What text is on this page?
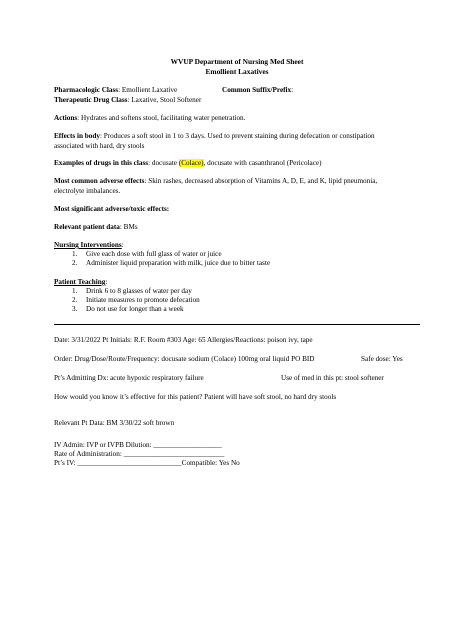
WVUP Department of Nursing Med Sheet
Emollient Laxatives
Pharmacologic Class: Emollient Laxative	Common Suffix/Prefix:
Therapeutic Drug Class: Laxative, Stool Softener
Actions: Hydrates and softens stool, facilitating water penetration.
Effects in body: Produces a soft stool in 1 to 3 days. Used to prevent staining during defecation or constipation
associated with hard, dry stools
Examples of drugs in this class: docusate (Colace), docusate with casanthranol (Pericolace)
Most common adverse effects: Skin rashes, decreased absorption of Vitamins A, D, E, and K, lipid pneumonia,
electrolyte imbalances.
Most significant adverse/toxic effects:
Relevant patient data: BMs
Nursing Interventions:
1. Give each dose with full glass of water or juice
2. Administer liquid preparation with milk, juice due to bitter taste
Patient Teaching:
1. Drink 6 to 8 glasses of water per day
2. Initiate measures to promote defecation
3. Do not use for longer than a week
Date: 3/31/2022 Pt Initials: R.F. Room #303 Age: 65 Allergies/Reactions: poison ivy, tape
Order: Drug/Dose/Route/Frequency: docusate sodium (Colace) 100mg oral liquid PO BID	Safe dose: Yes
Pt’s Admitting Dx: acute hypoxic respiratory failure	Use of med in this pt: stool softener
How would you know it’s effective for this patient? Patient will have soft stool, no hard dry stools
Relevant Pt Data: BM 3/30/22 soft brown
IV Admin: IVP or IVPB Dilution: ___________________
Rate of Administration: ____________________________
Pt’s IV: _____________________________Compatible: Yes No
